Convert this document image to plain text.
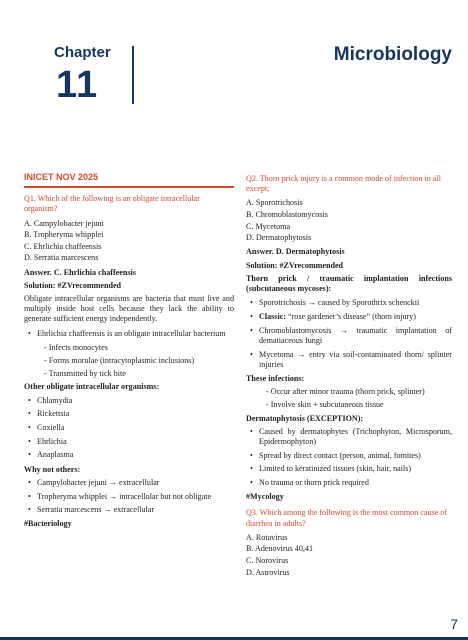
Chapter
11
Microbiology
INICET NOV 2025
Q1. Which of the following is an obligate intracellular organism?
A. Campylobacter jejuni
B. Tropheryma whipplei
C. Ehrlichia chaffeensis
D. Serratia marcescens
Answer. C. Ehrlichia chaffeensis
Solution: #ZVrecommended
Obligate intracellular organisms are bacteria that must live and multiply inside host cells because they lack the ability to generate sufficient energy independently.
• Ehrlichia chaffeensis is an obligate intracellular bacterium
- Infects monocytes
- Forms morulae (intracytoplasmic inclusions)
- Transmitted by tick bite
Other obligate intracellular organisms:
• Chlamydia
• Rickettsia
• Coxiella
• Ehrlichia
• Anaplasma
Why not others:
• Campylobacter jejuni → extracellular
• Tropheryma whipplei → intracellular but not obligate
• Serratia marcescens → extracellular
#Bacteriology
Q2. Thorn prick injury is a common mode of infection in all except;
A. Sporotrichosis
B. Chromoblastomycosis
C. Mycetoma
D. Dermatophytosis
Answer. D. Dermatophytosis
Solution: #ZVrecommended
Thorn prick / traumatic implantation infections (subcutaneous mycoses):
• Sporotrichosis → caused by Sporothrix schenckii
• Classic: “rose gardener’s disease” (thorn injury)
• Chromoblastomycosis → traumatic implantation of dematiaceous fungi
• Mycetoma → entry via soil-contaminated thorn/ splinter injuries
These infections:
- Occur after minor trauma (thorn prick, splinter)
- Involve skin + subcutaneous tissue
Dermatophytosis (EXCEPTION):
• Caused by dermatophytes (Trichophyton, Microsporum, Epidermophyton)
• Spread by direct contact (person, animal, fomites)
• Limited to keratinized tissues (skin, hair, nails)
• No trauma or thorn prick required
#Mycology
Q3. Which among the following is the most common cause of diarrhea in adults?
A. Rotavirus
B. Adenovirus 40,41
C. Norovirus
D. Astrovirus
7
